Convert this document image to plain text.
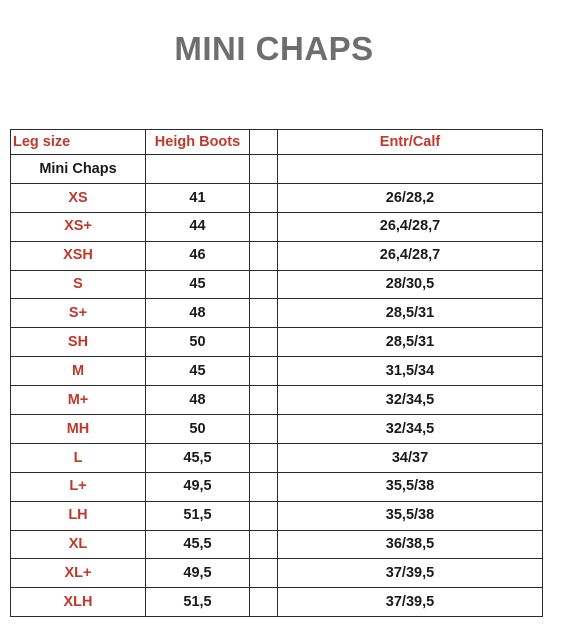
MINI CHAPS
Leg size	Heigh Boots		Entr/Calf
Mini Chaps			
XS	41		26/28,2
XS+	44		26,4/28,7
XSH	46		26,4/28,7
S	45		28/30,5
S+	48		28,5/31
SH	50		28,5/31
M	45		31,5/34
M+	48		32/34,5
MH	50		32/34,5
L	45,5		34/37
L+	49,5		35,5/38
LH	51,5		35,5/38
XL	45,5		36/38,5
XL+	49,5		37/39,5
XLH	51,5		37/39,5
